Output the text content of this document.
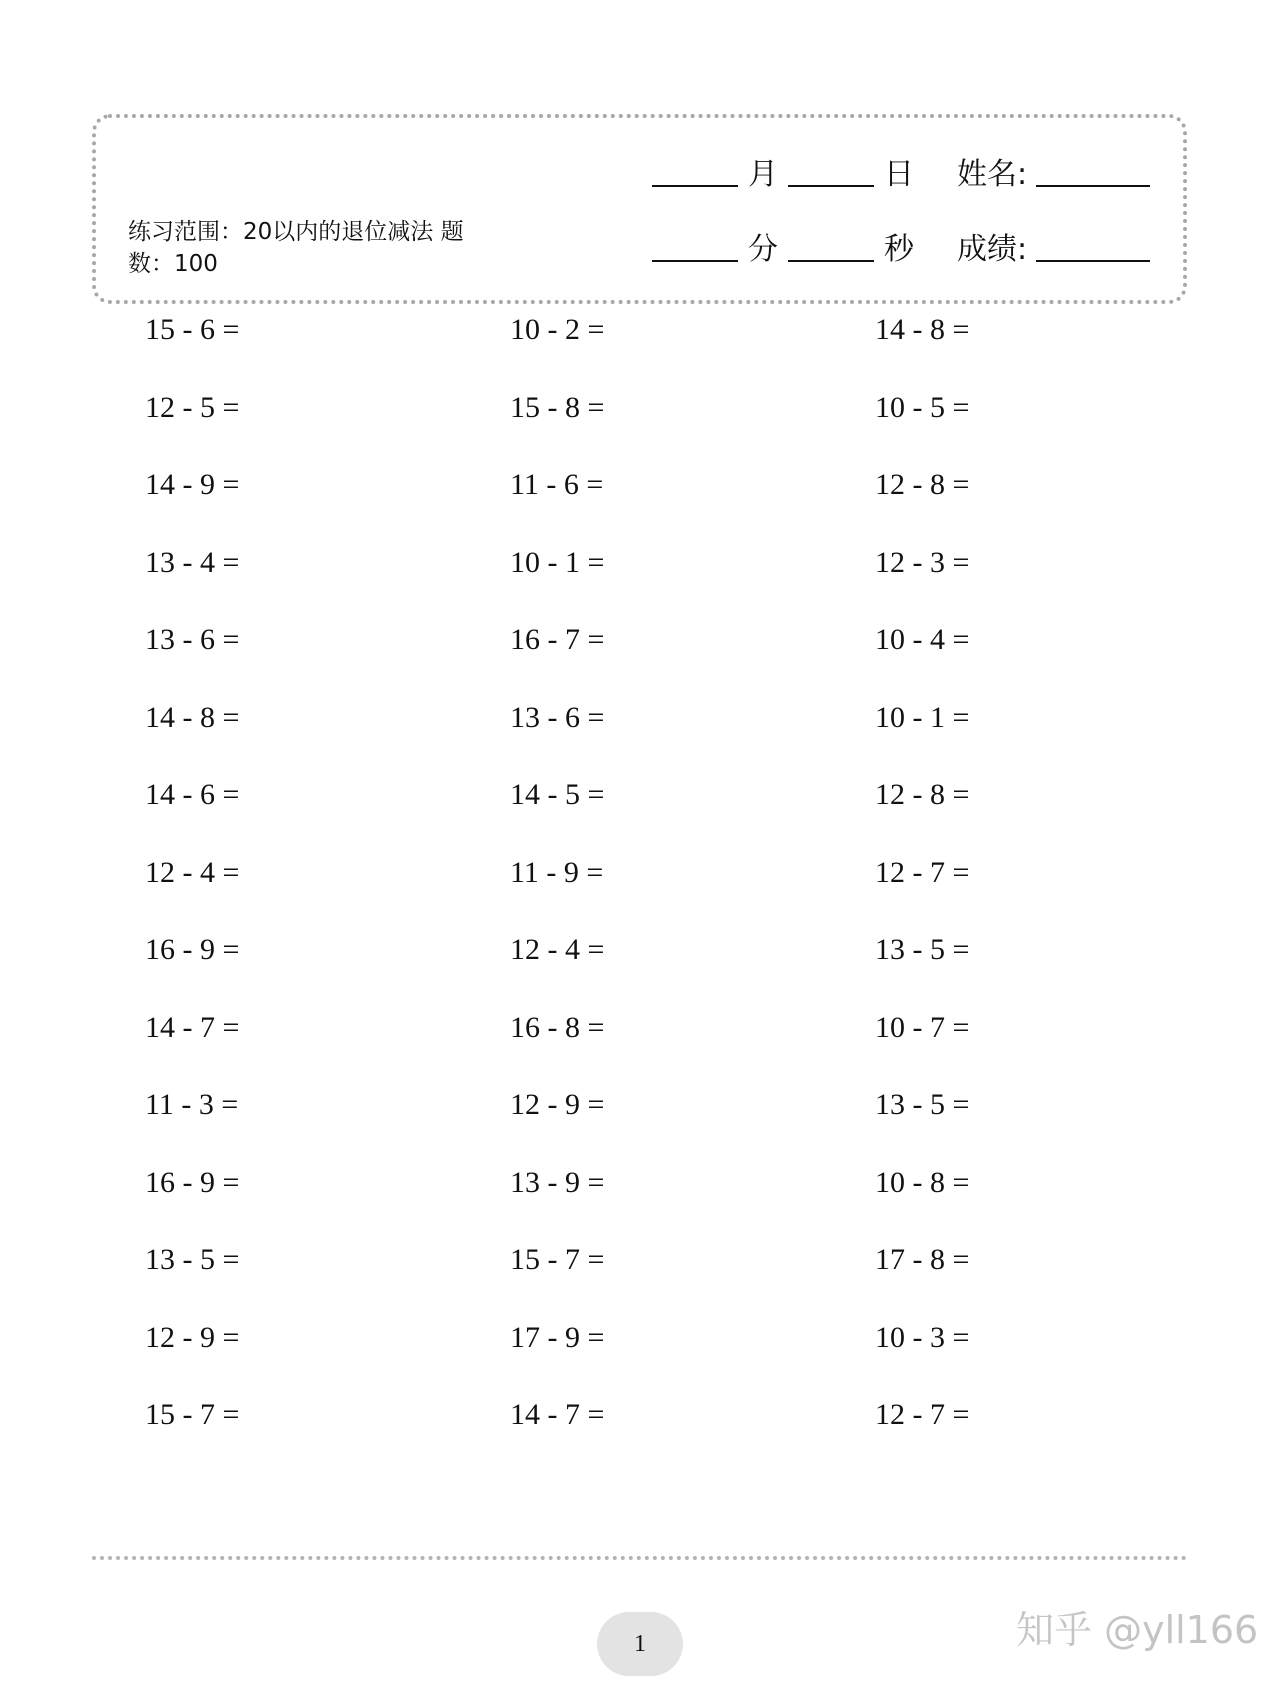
练习范围：20以内的退位减法 题数：100
月	日 姓名:
分	秒 成绩:
15 - 6 =	10 - 2 =	14 - 8 =
12 - 5 =	15 - 8 =	10 - 5 =
14 - 9 =	11 - 6 =	12 - 8 =
13 - 4 =	10 - 1 =	12 - 3 =
13 - 6 =	16 - 7 =	10 - 4 =
14 - 8 =	13 - 6 =	10 - 1 =
14 - 6 =	14 - 5 =	12 - 8 =
12 - 4 =	11 - 9 =	12 - 7 =
16 - 9 =	12 - 4 =	13 - 5 =
14 - 7 =	16 - 8 =	10 - 7 =
11 - 3 =	12 - 9 =	13 - 5 =
16 - 9 =	13 - 9 =	10 - 8 =
13 - 5 =	15 - 7 =	17 - 8 =
12 - 9 =	17 - 9 =	10 - 3 =
15 - 7 =	14 - 7 =	12 - 7 =
1	知乎 @yll166
